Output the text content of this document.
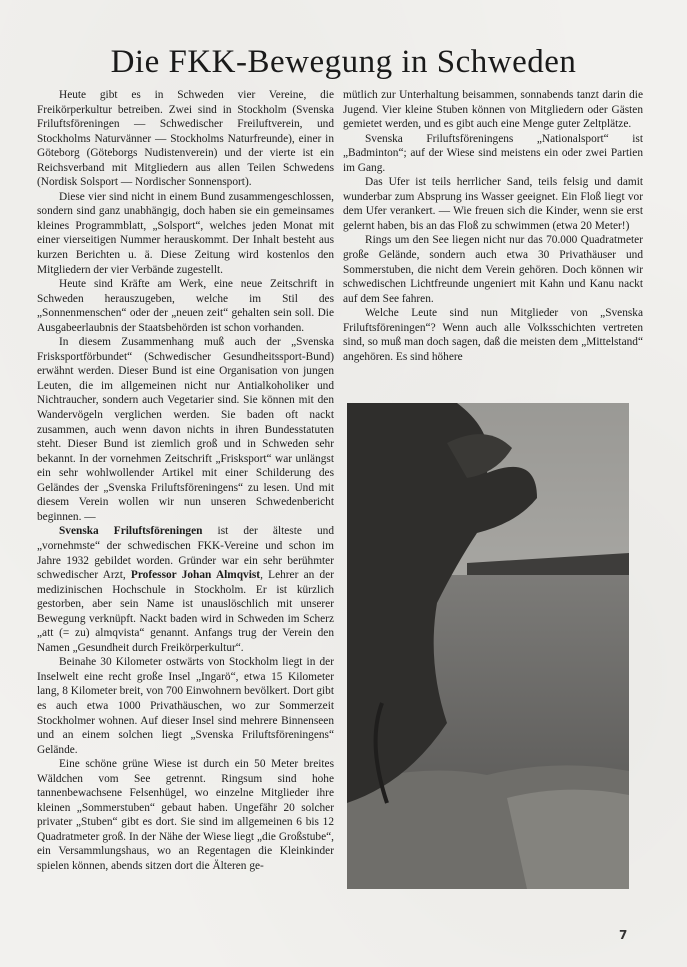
Die FKK-Bewegung in Schweden

Heute gibt es in Schweden vier Vereine, die Freikörperkultur betreiben. Zwei sind in Stockholm (Svenska Friluftsföreningen — Schwedischer Freiluftverein, und Stockholms Naturvänner — Stockholms Naturfreunde), einer in Göteborg (Göteborgs Nudistenverein) und der vierte ist ein Reichsverband mit Mitgliedern aus allen Teilen Schwedens (Nordisk Solsport — Nordischer Sonnensport).

Diese vier sind nicht in einem Bund zusammengeschlossen, sondern sind ganz unabhängig, doch haben sie ein gemeinsames kleines Programmblatt, „Solsport“, welches jeden Monat mit einer vierseitigen Nummer herauskommt. Der Inhalt besteht aus kurzen Berichten u. ä. Diese Zeitung wird kostenlos den Mitgliedern der vier Verbände zugestellt.

Heute sind Kräfte am Werk, eine neue Zeitschrift in Schweden herauszugeben, welche im Stil des „Sonnenmenschen“ oder der „neuen zeit“ gehalten sein soll. Die Ausgabeerlaubnis der Staatsbehörden ist schon vorhanden.

In diesem Zusammenhang muß auch der „Svenska Frisksportförbundet“ (Schwedischer Gesundheitssport-Bund) erwähnt werden. Dieser Bund ist eine Organisation von jungen Leuten, die im allgemeinen nicht nur Antialkoholiker und Nichtraucher, sondern auch Vegetarier sind. Sie können mit den Wandervögeln verglichen werden. Sie baden oft nackt zusammen, auch wenn davon nichts in ihren Bundesstatuten steht. Dieser Bund ist ziemlich groß und in Schweden sehr bekannt. In der vornehmen Zeitschrift „Frisksport“ war unlängst ein sehr wohlwollender Artikel mit einer Schilderung des Geländes der „Svenska Friluftsföreningens“ zu lesen. Und mit diesem Verein wollen wir nun unseren Schwedenbericht beginnen. —

Svenska Friluftsföreningen ist der älteste und „vornehmste“ der schwedischen FKK-Vereine und schon im Jahre 1932 gebildet worden. Gründer war ein sehr berühmter schwedischer Arzt, Professor Johan Almqvist, Lehrer an der medizinischen Hochschule in Stockholm. Er ist kürzlich gestorben, aber sein Name ist unauslöschlich mit unserer Bewegung verknüpft. Nackt baden wird in Schweden im Scherz „att (= zu) almqvista“ genannt. Anfangs trug der Verein den Namen „Gesundheit durch Freikörperkultur“.

Beinahe 30 Kilometer ostwärts von Stockholm liegt in der Inselwelt eine recht große Insel „Ingarö“, etwa 15 Kilometer lang, 8 Kilometer breit, von 700 Einwohnern bevölkert. Dort gibt es auch etwa 1000 Privathäuschen, wo zur Sommerzeit Stockholmer wohnen. Auf dieser Insel sind mehrere Binnenseen und an einem solchen liegt „Svenska Friluftsföreningens“ Gelände.

Eine schöne grüne Wiese ist durch ein 50 Meter breites Wäldchen vom See getrennt. Ringsum sind hohe tannenbewachsene Felsenhügel, wo einzelne Mitglieder ihre kleinen „Sommerstuben“ gebaut haben. Ungefähr 20 solcher privater „Stuben“ gibt es dort. Sie sind im allgemeinen 6 bis 12 Quadratmeter groß. In der Nähe der Wiese liegt „die Großstube“, ein Versammlungshaus, wo an Regentagen die Kleinkinder spielen können, abends sitzen dort die Älteren ge-

mütlich zur Unterhaltung beisammen, sonnabends tanzt darin die Jugend. Vier kleine Stuben können von Mitgliedern oder Gästen gemietet werden, und es gibt auch eine Menge guter Zeltplätze.

Svenska Friluftsföreningens „Nationalsport“ ist „Badminton“; auf der Wiese sind meistens ein oder zwei Partien im Gang.

Das Ufer ist teils herrlicher Sand, teils felsig und damit wunderbar zum Absprung ins Wasser geeignet. Ein Floß liegt vor dem Ufer verankert. — Wie freuen sich die Kinder, wenn sie erst gelernt haben, bis an das Floß zu schwimmen (etwa 20 Meter!)

Rings um den See liegen nicht nur das 70.000 Quadratmeter große Gelände, sondern auch etwa 30 Privathäuser und Sommerstuben, die nicht dem Verein gehören. Doch können wir schwedischen Lichtfreunde ungeniert mit Kahn und Kanu nackt auf dem See fahren.

Welche Leute sind nun Mitglieder von „Svenska Friluftsföreningen“? Wenn auch alle Volksschichten vertreten sind, so muß man doch sagen, daß die meisten dem „Mittelstand“ angehören. Es sind höhere

7
